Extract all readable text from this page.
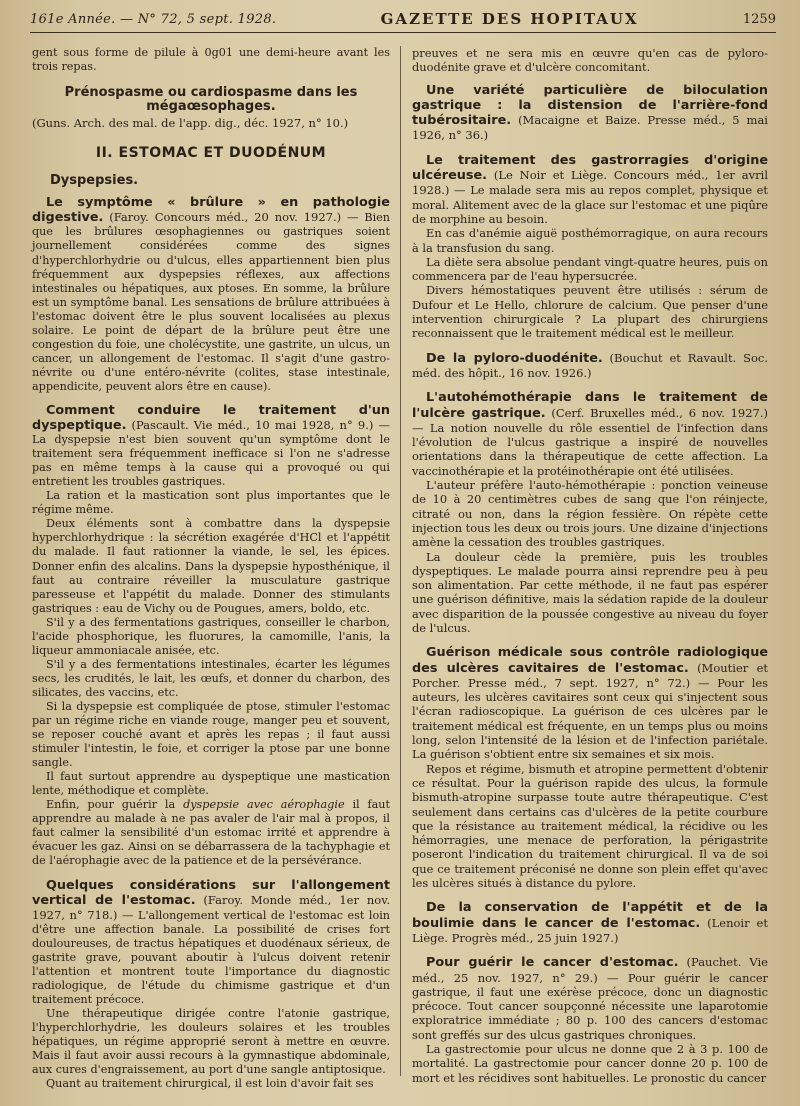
161e Année. — N° 72, 5 sept. 1928.	GAZETTE DES HOPITAUX	1259

gent sous forme de pilule à 0g01 une demi-heure avant les trois repas.

Prénospasme ou cardiospasme dans les mégaœsophages.

(Guns. Arch. des mal. de l'app. dig., déc. 1927, n° 10.)

II. ESTOMAC ET DUODÉNUM
Dyspepsies.

Le symptôme « brûlure » en pathologie digestive. (Faroy. Concours méd., 20 nov. 1927.) — Bien que les brûlures œsophagiennes ou gastriques soient journellement considérées comme des signes d'hyperchlorhydrie ou d'ulcus, elles appartiennent bien plus fréquemment aux dyspepsies réflexes, aux affections intestinales ou hépatiques, aux ptoses. En somme, la brûlure est un symptôme banal. Les sensations de brûlure attribuées à l'estomac doivent être le plus souvent localisées au plexus solaire. Le point de départ de la brûlure peut être une congestion du foie, une cholécystite, une gastrite, un ulcus, un cancer, un allongement de l'estomac. Il s'agit d'une gastro-névrite ou d'une entéro-névrite (colites, stase intestinale, appendicite, peuvent alors être en cause).

Comment conduire le traitement d'un dyspeptique. (Pascault. Vie méd., 10 mai 1928, n° 9.) — La dyspepsie n'est bien souvent qu'un symptôme dont le traitement sera fréquemment inefficace si l'on ne s'adresse pas en même temps à la cause qui a provoqué ou qui entretient les troubles gastriques.

La ration et la mastication sont plus importantes que le régime même.

Deux éléments sont à combattre dans la dyspepsie hyperchlorhydrique : la sécrétion exagérée d'HCl et l'appétit du malade. Il faut rationner la viande, le sel, les épices. Donner enfin des alcalins. Dans la dyspepsie hyposthénique, il faut au contraire réveiller la musculature gastrique paresseuse et l'appétit du malade. Donner des stimulants gastriques : eau de Vichy ou de Pougues, amers, boldo, etc.

S'il y a des fermentations gastriques, conseiller le charbon, l'acide phosphorique, les fluorures, la camomille, l'anis, la liqueur ammoniacale anisée, etc.

S'il y a des fermentations intestinales, écarter les légumes secs, les crudités, le lait, les œufs, et donner du charbon, des silicates, des vaccins, etc.

Si la dyspepsie est compliquée de ptose, stimuler l'estomac par un régime riche en viande rouge, manger peu et souvent, se reposer couché avant et après les repas ; il faut aussi stimuler l'intestin, le foie, et corriger la ptose par une bonne sangle.

Il faut surtout apprendre au dyspeptique une mastication lente, méthodique et complète.

Enfin, pour guérir la dyspepsie avec aérophagie il faut apprendre au malade à ne pas avaler de l'air mal à propos, il faut calmer la sensibilité d'un estomac irrité et apprendre à évacuer les gaz. Ainsi on se débarrassera de la tachyphagie et de l'aérophagie avec de la patience et de la persévérance.

Quelques considérations sur l'allongement vertical de l'estomac. (Faroy. Monde méd., 1er nov. 1927, n° 718.) — L'allongement vertical de l'estomac est loin d'être une affection banale. La possibilité de crises fort douloureuses, de tractus hépatiques et duodénaux sérieux, de gastrite grave, pouvant aboutir à l'ulcus doivent retenir l'attention et montrent toute l'importance du diagnostic radiologique, de l'étude du chimisme gastrique et d'un traitement précoce.

Une thérapeutique dirigée contre l'atonie gastrique, l'hyperchlorhydrie, les douleurs solaires et les troubles hépatiques, un régime approprié seront à mettre en œuvre. Mais il faut avoir aussi recours à la gymnastique abdominale, aux cures d'engraissement, au port d'une sangle antiptosique.

Quant au traitement chirurgical, il est loin d'avoir fait ses

preuves et ne sera mis en œuvre qu'en cas de pyloro-duodénite grave et d'ulcère concomitant.

Une variété particulière de biloculation gastrique : la distension de l'arrière-fond tubérositaire. (Macaigne et Baize. Presse méd., 5 mai 1926, n° 36.)

Le traitement des gastrorragies d'origine ulcéreuse. (Le Noir et Liège. Concours méd., 1er avril 1928.) — Le malade sera mis au repos complet, physique et moral. Alitement avec de la glace sur l'estomac et une piqûre de morphine au besoin.

En cas d'anémie aiguë posthémorragique, on aura recours à la transfusion du sang.

La diète sera absolue pendant vingt-quatre heures, puis on commencera par de l'eau hypersucrée.

Divers hémostatiques peuvent être utilisés : sérum de Dufour et Le Hello, chlorure de calcium. Que penser d'une intervention chirurgicale ? La plupart des chirurgiens reconnaissent que le traitement médical est le meilleur.

De la pyloro-duodénite. (Bouchut et Ravault. Soc. méd. des hôpit., 16 nov. 1926.)

L'autohémothérapie dans le traitement de l'ulcère gastrique. (Cerf. Bruxelles méd., 6 nov. 1927.) — La notion nouvelle du rôle essentiel de l'infection dans l'évolution de l'ulcus gastrique a inspiré de nouvelles orientations dans la thérapeutique de cette affection. La vaccinothérapie et la protéinothérapie ont été utilisées.

L'auteur préfère l'auto-hémothérapie : ponction veineuse de 10 à 20 centimètres cubes de sang que l'on réinjecte, citraté ou non, dans la région fessière. On répète cette injection tous les deux ou trois jours. Une dizaine d'injections amène la cessation des troubles gastriques.

La douleur cède la première, puis les troubles dyspeptiques. Le malade pourra ainsi reprendre peu à peu son alimentation. Par cette méthode, il ne faut pas espérer une guérison définitive, mais la sédation rapide de la douleur avec disparition de la poussée congestive au niveau du foyer de l'ulcus.

Guérison médicale sous contrôle radiologique des ulcères cavitaires de l'estomac. (Moutier et Porcher. Presse méd., 7 sept. 1927, n° 72.) — Pour les auteurs, les ulcères cavitaires sont ceux qui s'injectent sous l'écran radioscopique. La guérison de ces ulcères par le traitement médical est fréquente, en un temps plus ou moins long, selon l'intensité de la lésion et de l'infection pariétale. La guérison s'obtient entre six semaines et six mois.

Repos et régime, bismuth et atropine permettent d'obtenir ce résultat. Pour la guérison rapide des ulcus, la formule bismuth-atropine surpasse toute autre thérapeutique. C'est seulement dans certains cas d'ulcères de la petite courbure que la résistance au traitement médical, la récidive ou les hémorragies, une menace de perforation, la périgastrite poseront l'indication du traitement chirurgical. Il va de soi que ce traitement préconisé ne donne son plein effet qu'avec les ulcères situés à distance du pylore.

De la conservation de l'appétit et de la boulimie dans le cancer de l'estomac. (Lenoir et Liège. Progrès méd., 25 juin 1927.)

Pour guérir le cancer d'estomac. (Pauchet. Vie méd., 25 nov. 1927, n° 29.) — Pour guérir le cancer gastrique, il faut une exérèse précoce, donc un diagnostic précoce. Tout cancer soupçonné nécessite une laparotomie exploratrice immédiate ; 80 p. 100 des cancers d'estomac sont greffés sur des ulcus gastriques chroniques.

La gastrectomie pour ulcus ne donne que 2 à 3 p. 100 de mortalité. La gastrectomie pour cancer donne 20 p. 100 de mort et les récidives sont habituelles. Le pronostic du cancer
